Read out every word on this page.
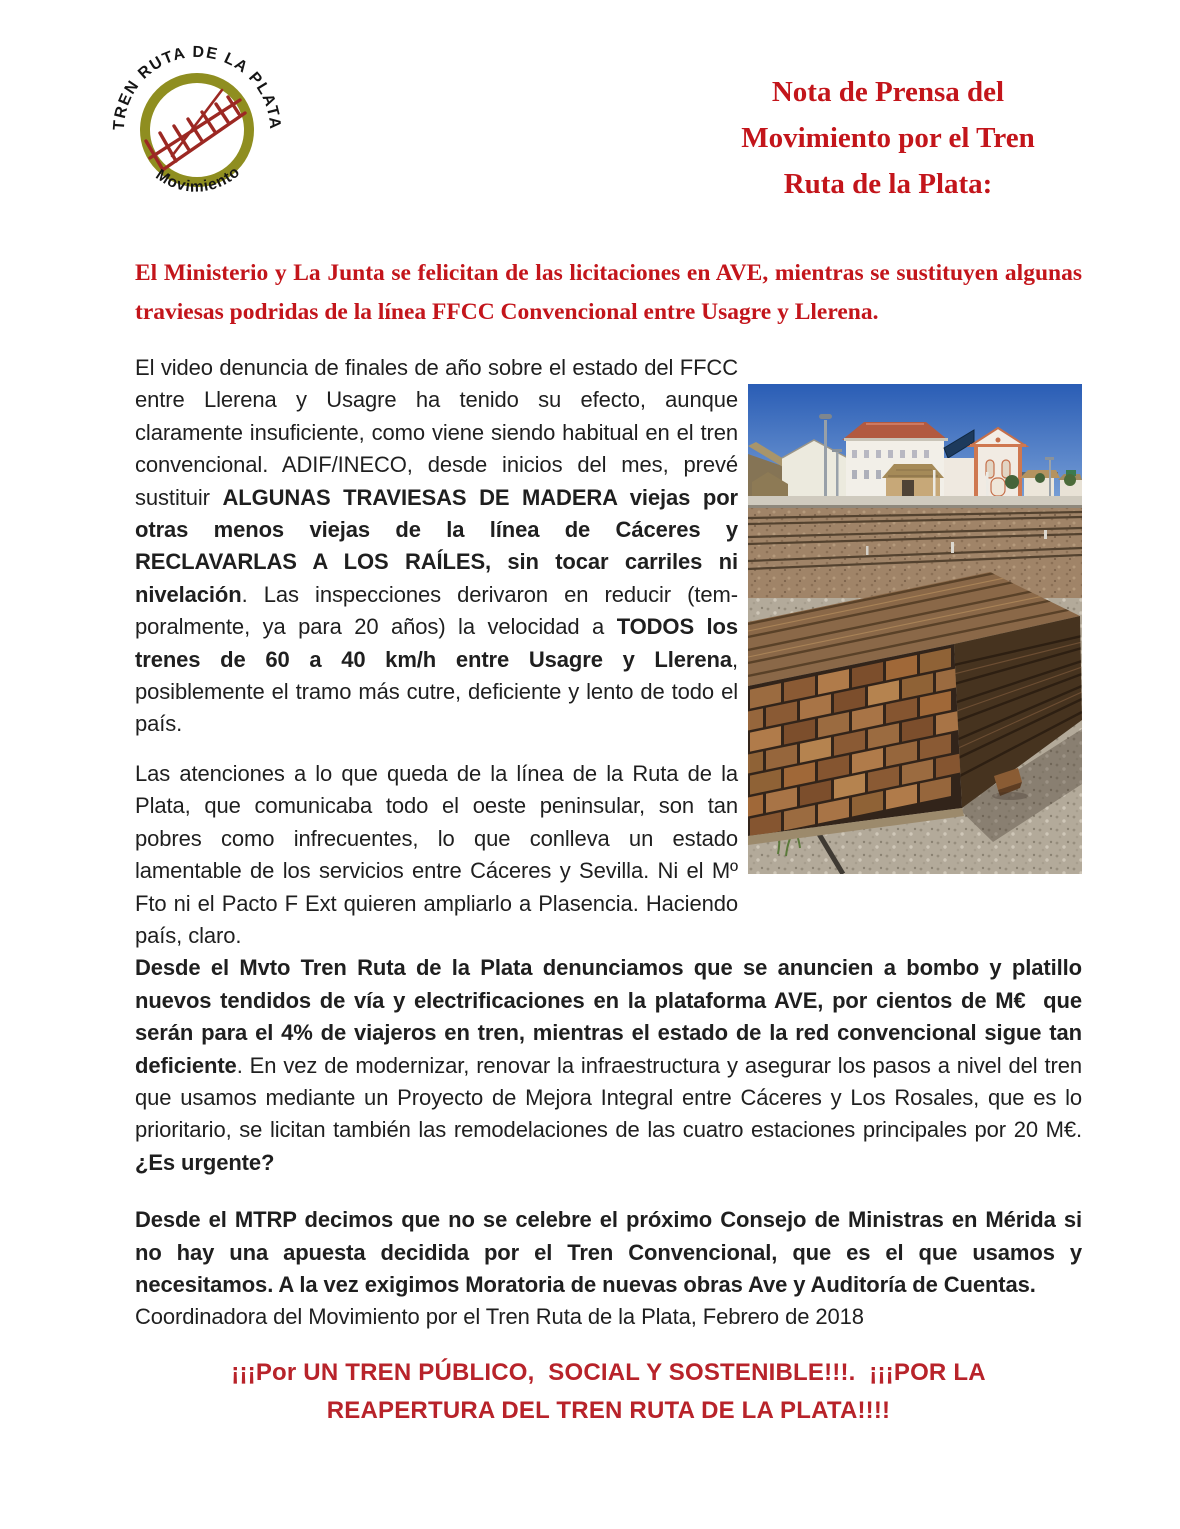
TREN RUTA DE LA PLATA
Movimiento
Nota de Prensa del
Movimiento por el Tren
Ruta de la Plata:

El Ministerio y La Junta se felicitan de las licitaciones en AVE, mientras se sustituyen algunas traviesas podridas de la línea FFCC Convencional entre Usagre y Llerena.

El video denuncia de finales de año sobre el estado del FFCC entre Llerena y Usagre ha tenido su efecto, aunque claramente insuficiente, como viene siendo habitual en el tren convencional. ADIF/INECO, desde inicios del mes, prevé sustituir ALGUNAS TRAVIESAS DE MADERA viejas por otras menos viejas de la línea de Cáceres y RECLAVARLAS A LOS RAÍLES, sin tocar carriles ni nivelación. Las inspecciones derivaron en reducir (tem-poralmente, ya para 20 años) la velocidad a TODOS los trenes de 60 a 40 km/h entre Usagre y Llerena, posiblemente el tramo más cutre, deficiente y lento de todo el país.

Las atenciones a lo que queda de la línea de la Ruta de la Plata, que comunicaba todo el oeste peninsular, son tan pobres como infrecuentes, lo que conlleva un estado lamentable de los servicios entre Cáceres y Sevilla. Ni el Mº Fto ni el Pacto F Ext quieren ampliarlo a Plasencia. Haciendo país, claro.

Desde el Mvto Tren Ruta de la Plata denunciamos que se anuncien a bombo y platillo nuevos tendidos de vía y electrificaciones en la plataforma AVE, por cientos de M€  que serán para el 4% de viajeros en tren, mientras el estado de la red convencional sigue tan deficiente. En vez de modernizar, renovar la infraestructura y asegurar los pasos a nivel del tren que usamos mediante un Proyecto de Mejora Integral entre Cáceres y Los Rosales, que es lo prioritario, se licitan también las remodelaciones de las cuatro estaciones principales por 20 M€. ¿Es urgente?

Desde el MTRP decimos que no se celebre el próximo Consejo de Ministras en Mérida si no hay una apuesta decidida por el Tren Convencional, que es el que usamos y necesitamos. A la vez exigimos Moratoria de nuevas obras Ave y Auditoría de Cuentas.

Coordinadora del Movimiento por el Tren Ruta de la Plata, Febrero de 2018

¡¡¡Por UN TREN PÚBLICO,  SOCIAL Y SOSTENIBLE!!!.  ¡¡¡POR LA
REAPERTURA DEL TREN RUTA DE LA PLATA!!!!
